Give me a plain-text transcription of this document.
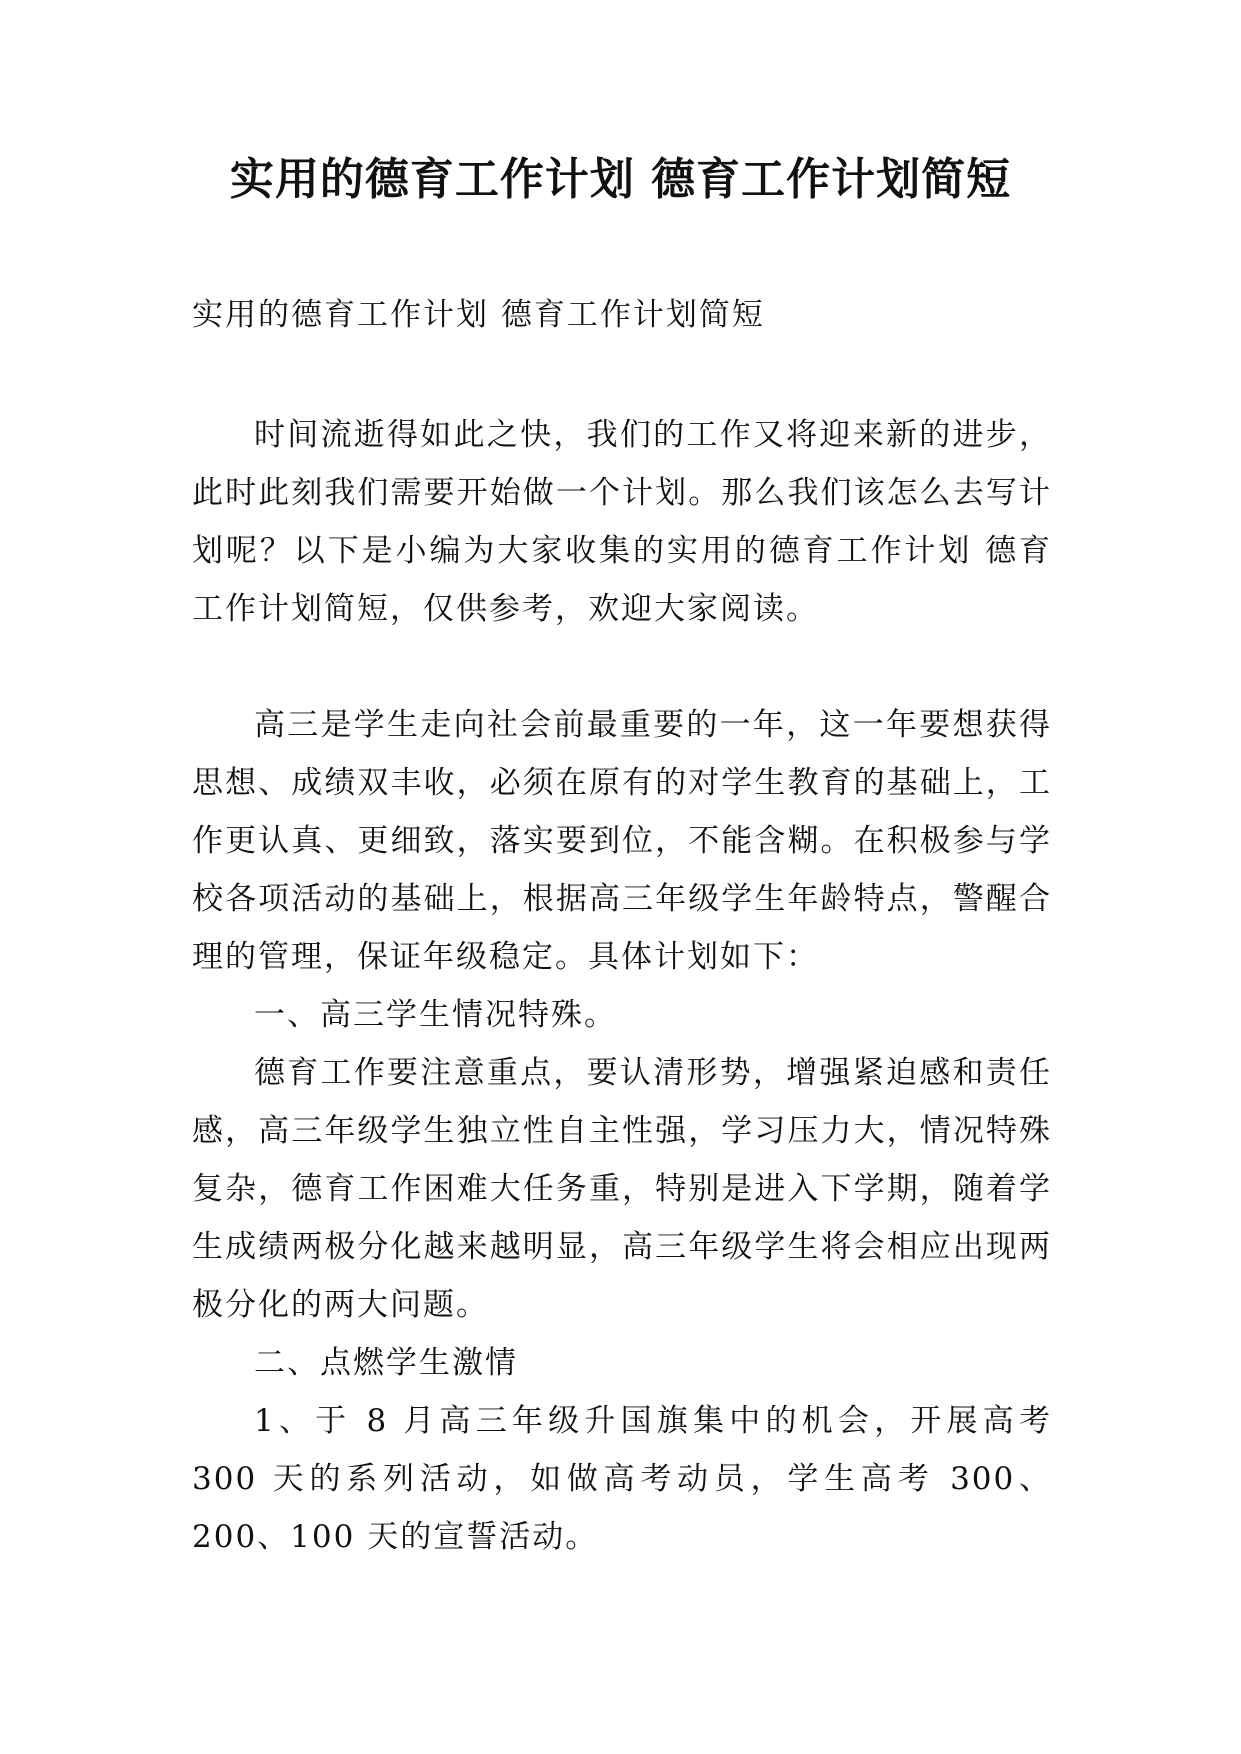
实用的德育工作计划 德育工作计划简短
实用的德育工作计划 德育工作计划简短

时间流逝得如此之快，我们的工作又将迎来新的进步，此时此刻我们需要开始做一个计划。那么我们该怎么去写计划呢？以下是小编为大家收集的实用的德育工作计划 德育工作计划简短，仅供参考，欢迎大家阅读。

高三是学生走向社会前最重要的一年，这一年要想获得思想、成绩双丰收，必须在原有的对学生教育的基础上，工作更认真、更细致，落实要到位，不能含糊。在积极参与学校各项活动的基础上，根据高三年级学生年龄特点，警醒合理的管理，保证年级稳定。具体计划如下：

一、高三学生情况特殊。

德育工作要注意重点，要认清形势，增强紧迫感和责任感，高三年级学生独立性自主性强，学习压力大，情况特殊复杂，德育工作困难大任务重，特别是进入下学期，随着学生成绩两极分化越来越明显，高三年级学生将会相应出现两极分化的两大问题。

二、点燃学生激情

1、于 8 月高三年级升国旗集中的机会，开展高考 300 天的系列活动，如做高考动员，学生高考 300、200、100 天的宣誓活动。
